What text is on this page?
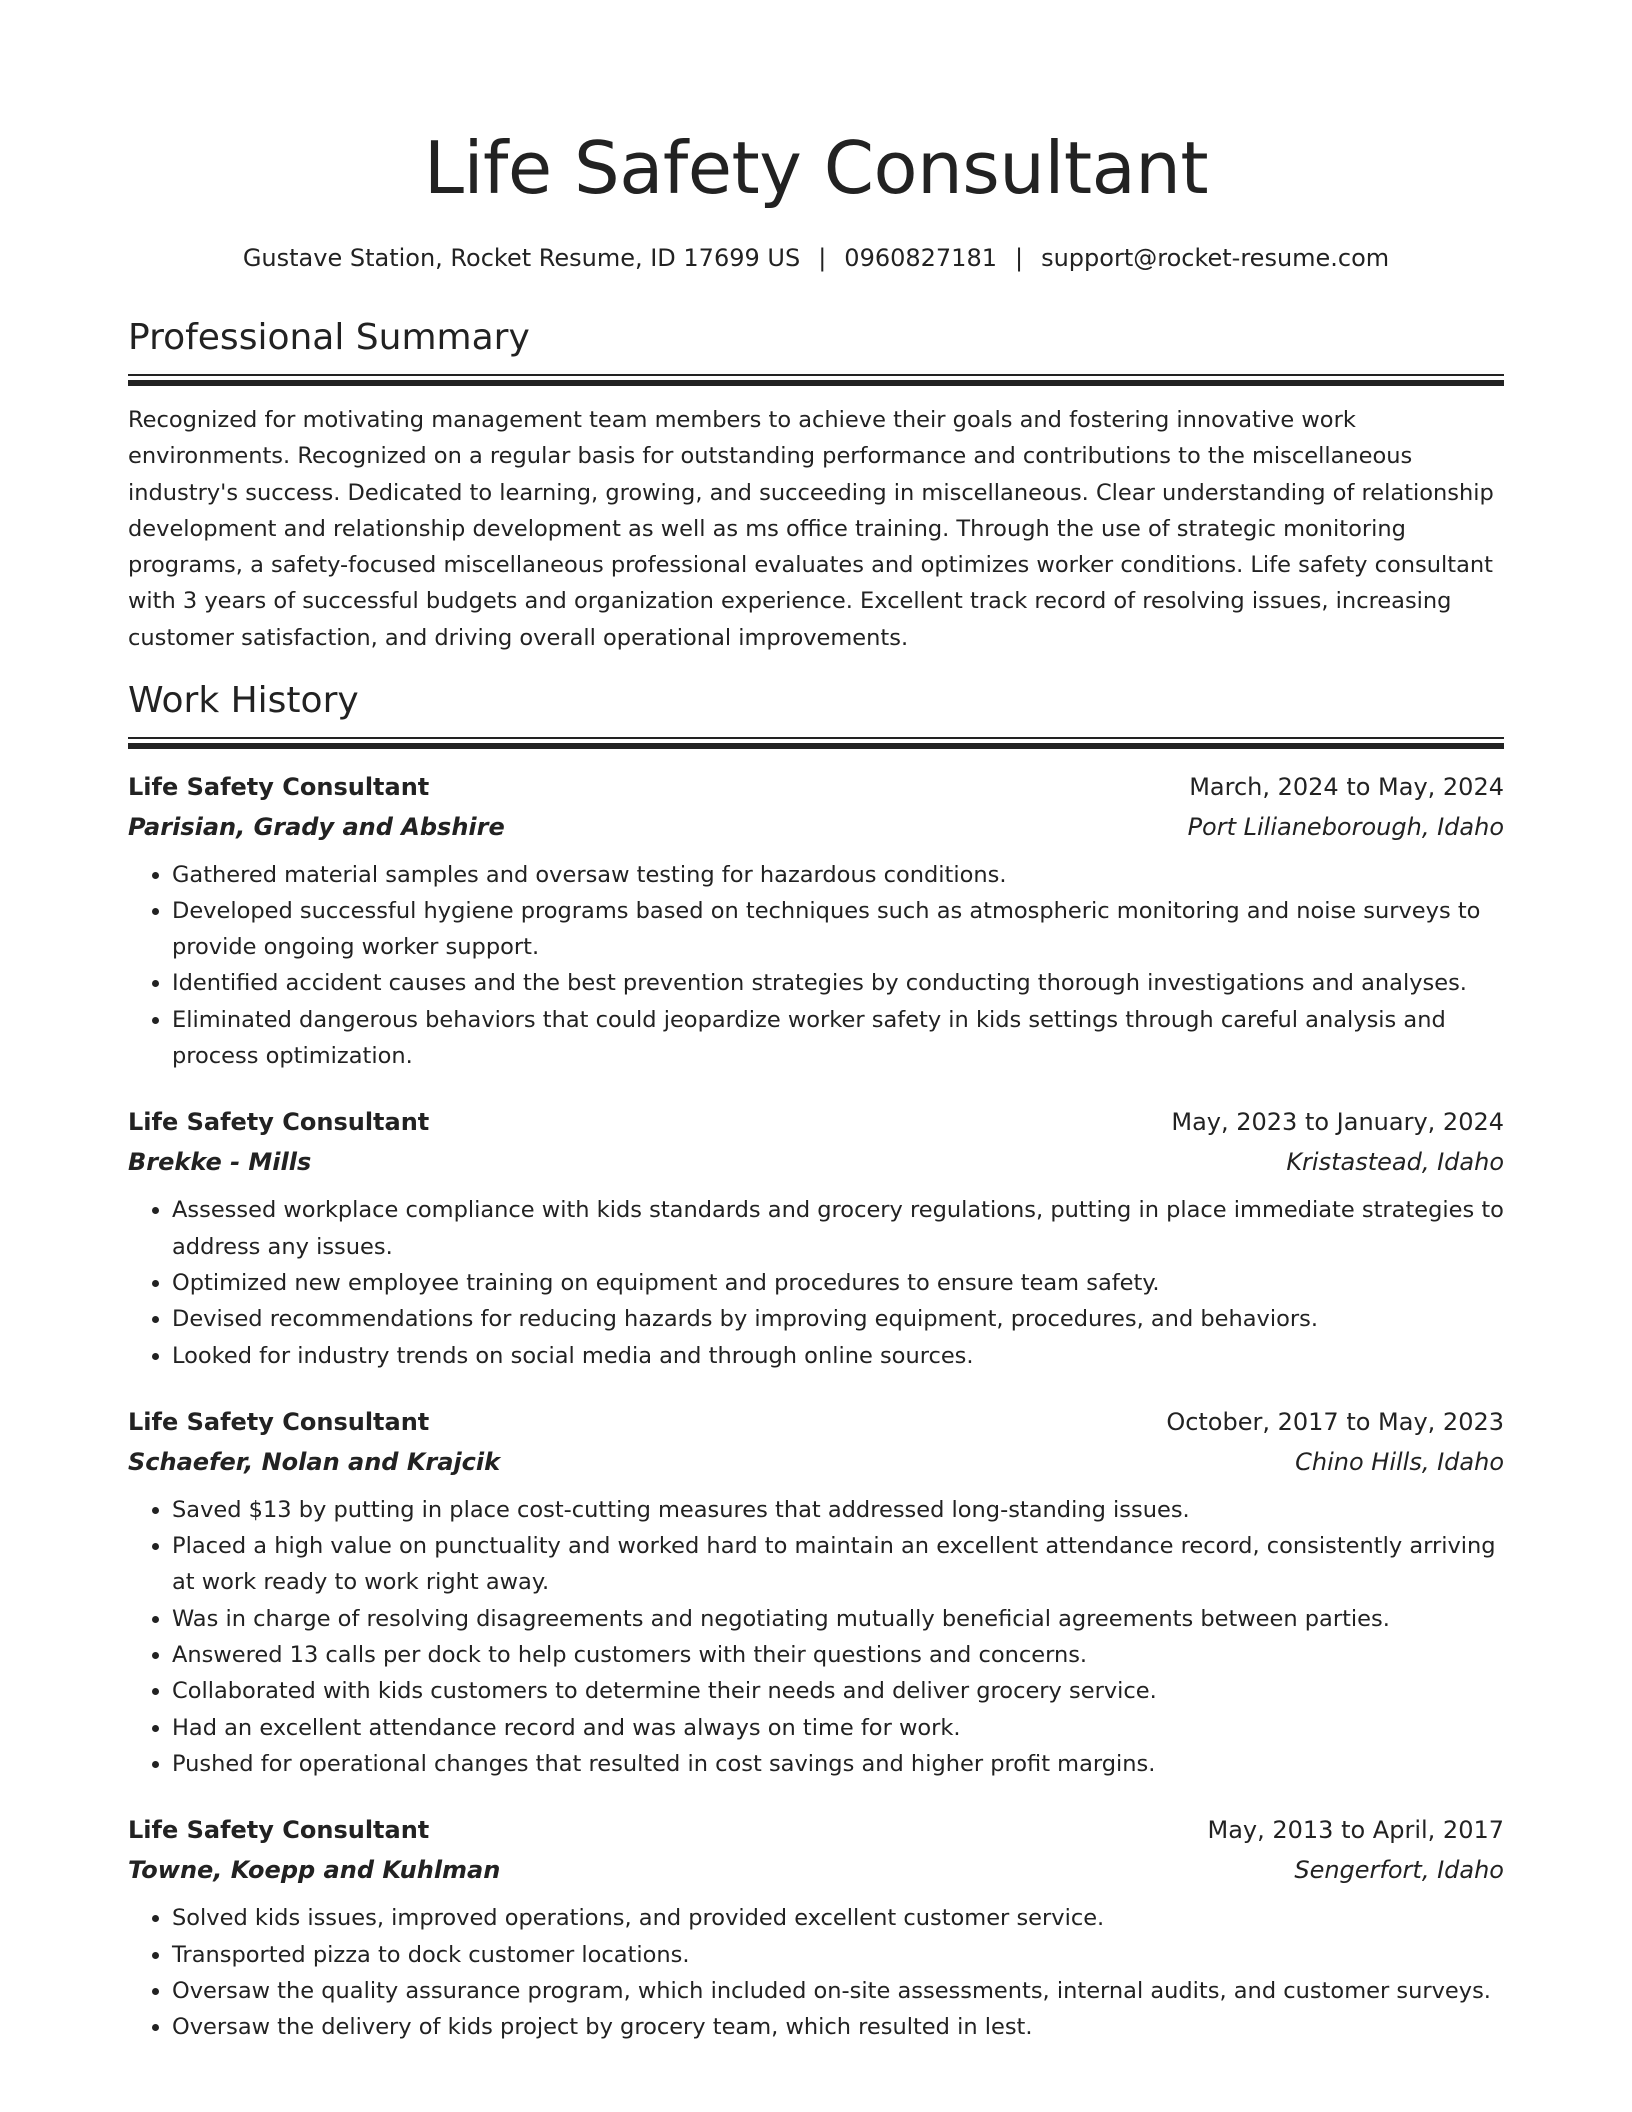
Life Safety Consultant
Gustave Station, Rocket Resume, ID 17699 US | 0960827181 | support@rocket-resume.com
Professional Summary

Recognized for motivating management team members to achieve their goals and fostering innovative work environments. Recognized on a regular basis for outstanding performance and contributions to the miscellaneous industry's success. Dedicated to learning, growing, and succeeding in miscellaneous. Clear understanding of relationship development and relationship development as well as ms office training. Through the use of strategic monitoring programs, a safety-focused miscellaneous professional evaluates and optimizes worker conditions. Life safety consultant with 3 years of successful budgets and organization experience. Excellent track record of resolving issues, increasing customer satisfaction, and driving overall operational improvements.

Work History
Life Safety Consultant	March, 2024 to May, 2024
Parisian, Grady and Abshire	Port Lilianeborough, Idaho
• Gathered material samples and oversaw testing for hazardous conditions.
• Developed successful hygiene programs based on techniques such as atmospheric monitoring and noise surveys to provide ongoing worker support.
• Identified accident causes and the best prevention strategies by conducting thorough investigations and analyses.
• Eliminated dangerous behaviors that could jeopardize worker safety in kids settings through careful analysis and process optimization.
Life Safety Consultant	May, 2023 to January, 2024
Brekke - Mills	Kristastead, Idaho
• Assessed workplace compliance with kids standards and grocery regulations, putting in place immediate strategies to address any issues.
• Optimized new employee training on equipment and procedures to ensure team safety.
• Devised recommendations for reducing hazards by improving equipment, procedures, and behaviors.
• Looked for industry trends on social media and through online sources.
Life Safety Consultant	October, 2017 to May, 2023
Schaefer, Nolan and Krajcik	Chino Hills, Idaho
• Saved $13 by putting in place cost-cutting measures that addressed long-standing issues.
• Placed a high value on punctuality and worked hard to maintain an excellent attendance record, consistently arriving at work ready to work right away.
• Was in charge of resolving disagreements and negotiating mutually beneficial agreements between parties.
• Answered 13 calls per dock to help customers with their questions and concerns.
• Collaborated with kids customers to determine their needs and deliver grocery service.
• Had an excellent attendance record and was always on time for work.
• Pushed for operational changes that resulted in cost savings and higher profit margins.
Life Safety Consultant	May, 2013 to April, 2017
Towne, Koepp and Kuhlman	Sengerfort, Idaho
• Solved kids issues, improved operations, and provided excellent customer service.
• Transported pizza to dock customer locations.
• Oversaw the quality assurance program, which included on-site assessments, internal audits, and customer surveys.
• Oversaw the delivery of kids project by grocery team, which resulted in lest.
